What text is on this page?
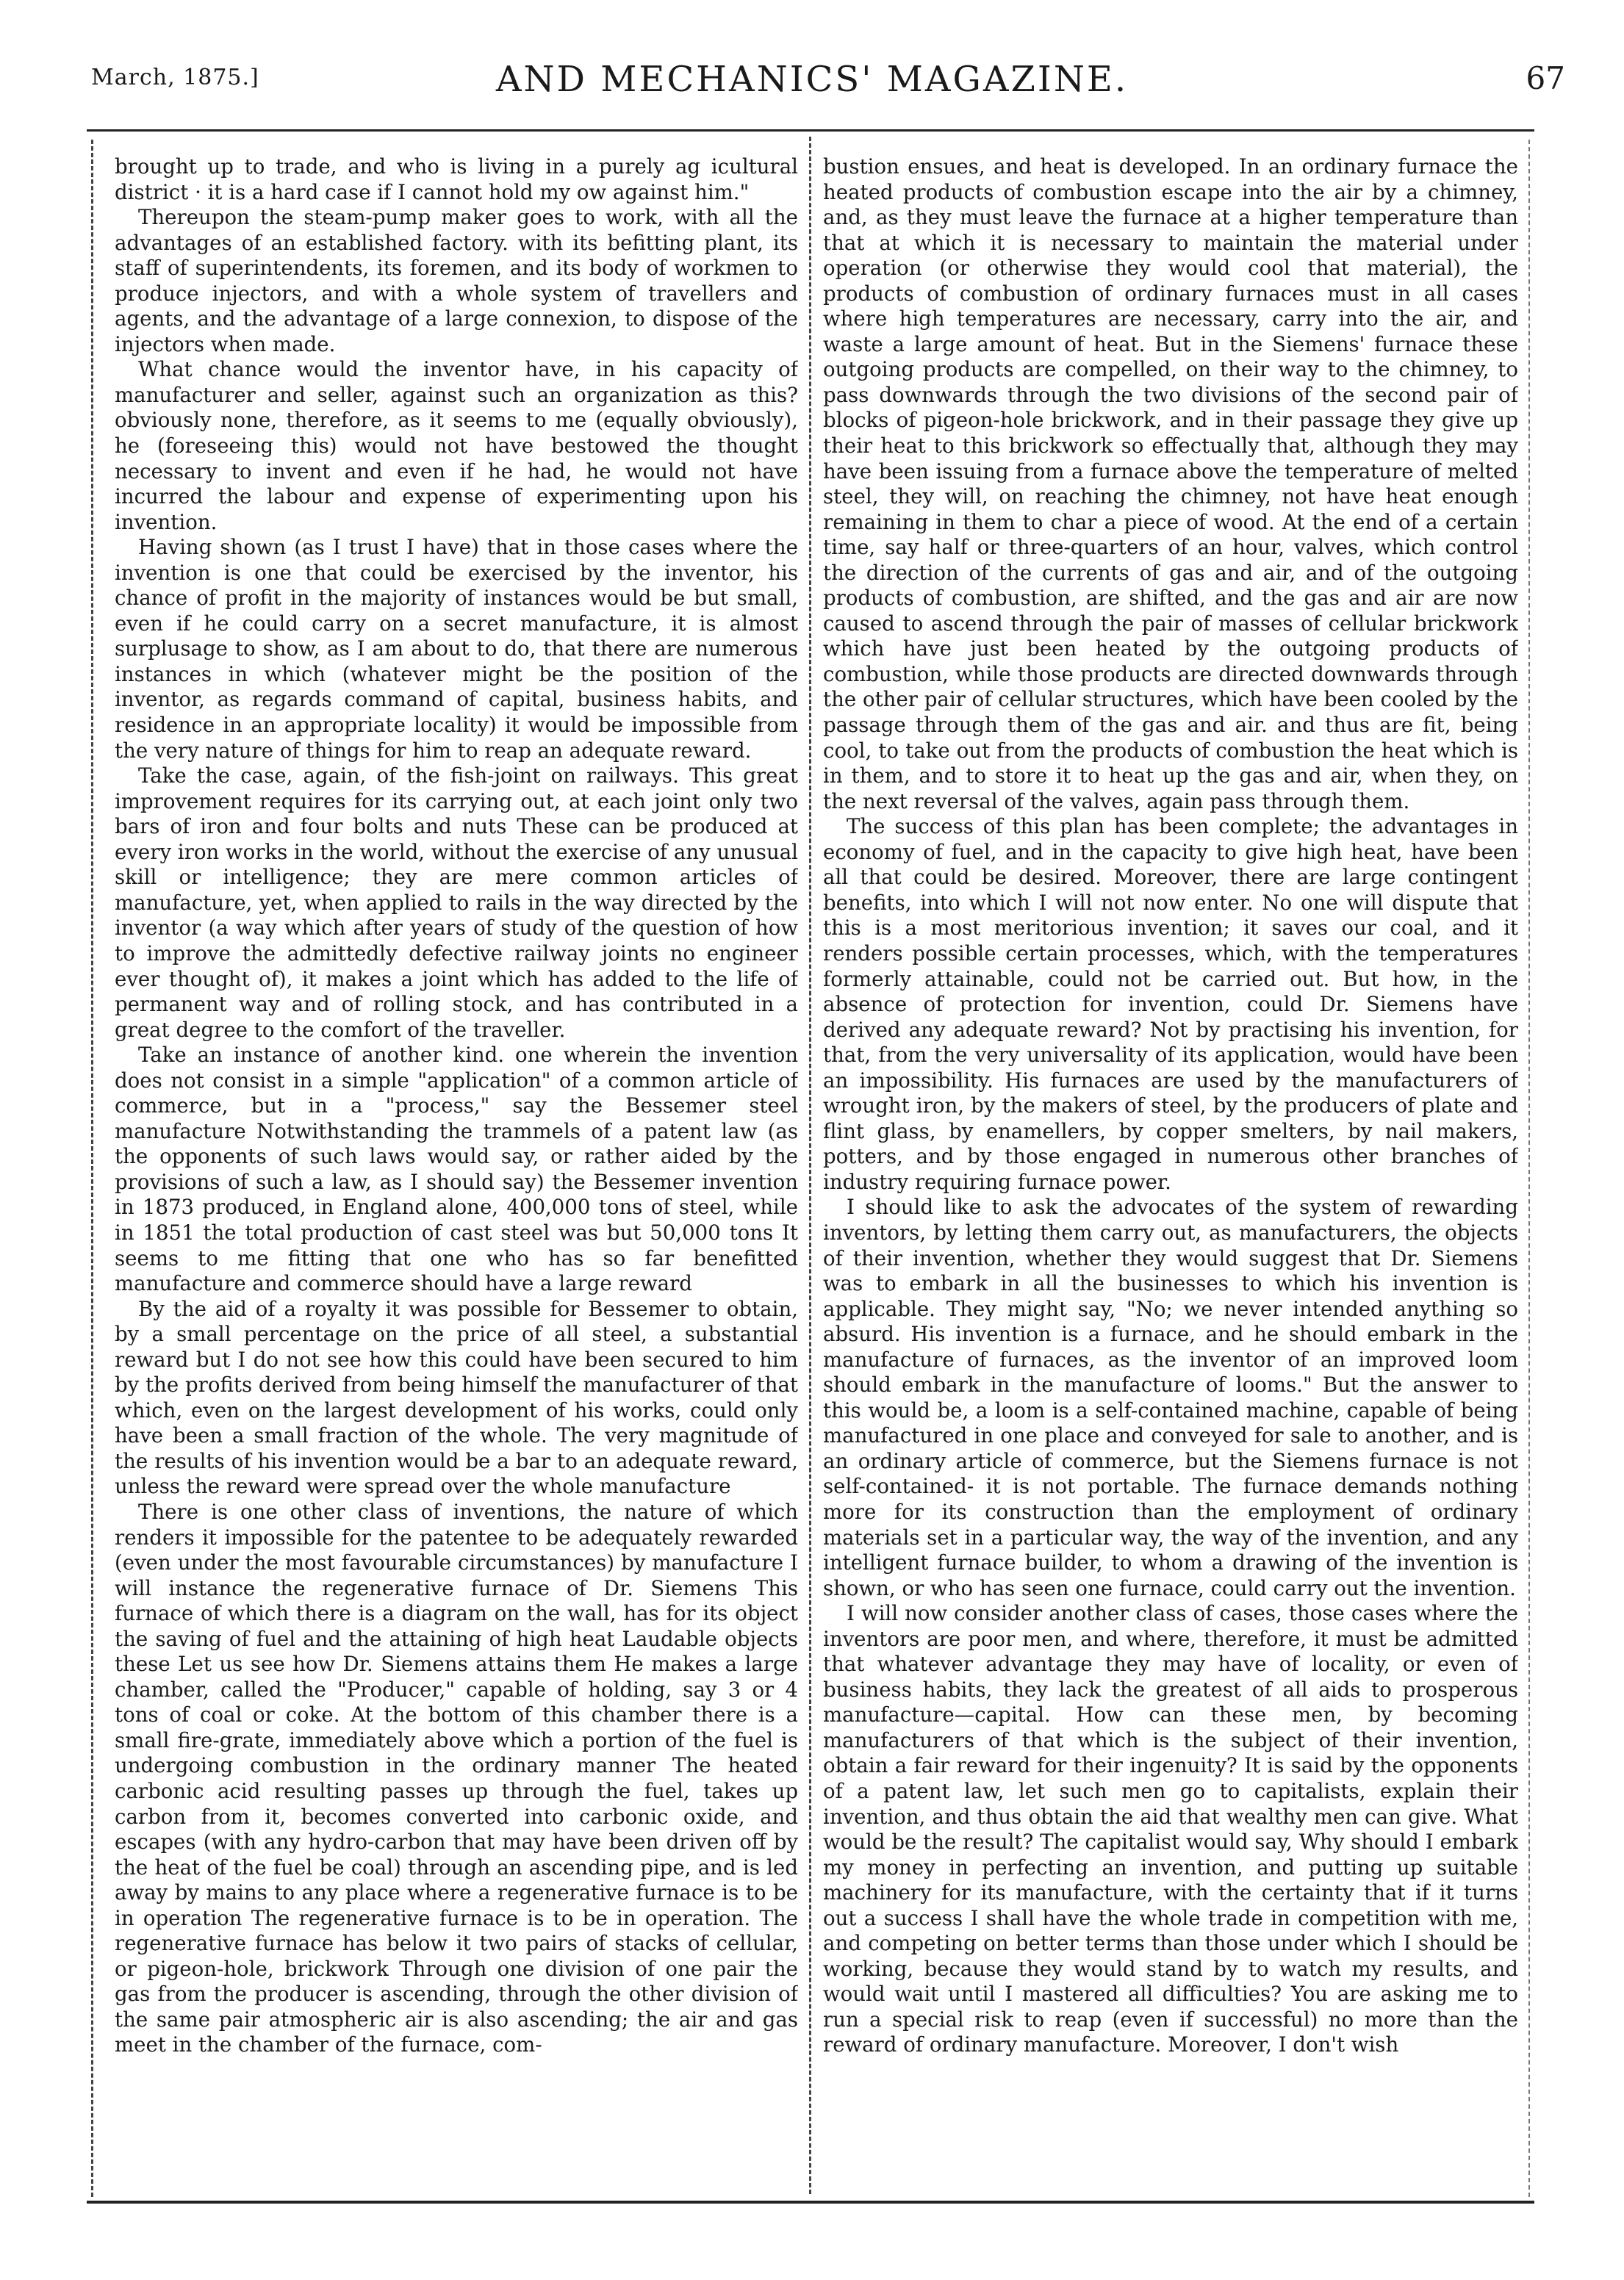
March, 1875.]	AND MECHANICS' MAGAZINE.	67

brought up to trade, and who is living in a purely ag icultural district · it is a hard case if I cannot hold my ow against him."

Thereupon the steam-pump maker goes to work, with all the advantages of an established factory. with its befitting plant, its staff of superintendents, its foremen, and its body of workmen to produce injectors, and with a whole system of travellers and agents, and the advantage of a large connexion, to dispose of the injectors when made.

What chance would the inventor have, in his capacity of manufacturer and seller, against such an organization as this? obviously none, therefore, as it seems to me (equally obviously), he (foreseeing this) would not have bestowed the thought necessary to invent and even if he had, he would not have incurred the labour and expense of experimenting upon his invention.

Having shown (as I trust I have) that in those cases where the invention is one that could be exercised by the inventor, his chance of profit in the majority of instances would be but small, even if he could carry on a secret manufacture, it is almost surplusage to show, as I am about to do, that there are numerous instances in which (whatever might be the position of the inventor, as regards command of capital, business habits, and residence in an appropriate locality) it would be impossible from the very nature of things for him to reap an adequate reward.

Take the case, again, of the fish-joint on railways. This great improvement requires for its carrying out, at each joint only two bars of iron and four bolts and nuts These can be produced at every iron works in the world, without the exercise of any unusual skill or intelligence; they are mere common articles of manufacture, yet, when applied to rails in the way directed by the inventor (a way which after years of study of the question of how to improve the admittedly defective railway joints no engineer ever thought of), it makes a joint which has added to the life of permanent way and of rolling stock, and has contributed in a great degree to the comfort of the traveller.

Take an instance of another kind. one wherein the invention does not consist in a simple "application" of a common article of commerce, but in a "process," say the Bessemer steel manufacture Notwithstanding the trammels of a patent law (as the opponents of such laws would say, or rather aided by the provisions of such a law, as I should say) the Bessemer invention in 1873 produced, in England alone, 400,000 tons of steel, while in 1851 the total production of cast steel was but 50,000 tons It seems to me fitting that one who has so far benefitted manufacture and commerce should have a large reward

By the aid of a royalty it was possible for Bessemer to obtain, by a small percentage on the price of all steel, a substantial reward but I do not see how this could have been secured to him by the profits derived from being himself the manufacturer of that which, even on the largest development of his works, could only have been a small fraction of the whole. The very magnitude of the results of his invention would be a bar to an adequate reward, unless the reward were spread over the whole manufacture

There is one other class of inventions, the nature of which renders it impossible for the patentee to be adequately rewarded (even under the most favourable circumstances) by manufacture I will instance the regenerative furnace of Dr. Siemens This furnace of which there is a diagram on the wall, has for its object the saving of fuel and the attaining of high heat Laudable objects these Let us see how Dr. Siemens attains them He makes a large chamber, called the "Producer," capable of holding, say 3 or 4 tons of coal or coke. At the bottom of this chamber there is a small fire-grate, immediately above which a portion of the fuel is undergoing combustion in the ordinary manner The heated carbonic acid resulting passes up through the fuel, takes up carbon from it, becomes converted into carbonic oxide, and escapes (with any hydro-carbon that may have been driven off by the heat of the fuel be coal) through an ascending pipe, and is led away by mains to any place where a regenerative furnace is to be in operation The regenerative furnace is to be in operation. The regenerative furnace has below it two pairs of stacks of cellular, or pigeon-hole, brickwork Through one division of one pair the gas from the producer is ascending, through the other division of the same pair atmospheric air is also ascending; the air and gas meet in the chamber of the furnace, com-

bustion ensues, and heat is developed. In an ordinary furnace the heated products of combustion escape into the air by a chimney, and, as they must leave the furnace at a higher temperature than that at which it is necessary to maintain the material under operation (or otherwise they would cool that material), the products of combustion of ordinary furnaces must in all cases where high temperatures are necessary, carry into the air, and waste a large amount of heat. But in the Siemens' furnace these outgoing products are compelled, on their way to the chimney, to pass downwards through the two divisions of the second pair of blocks of pigeon-hole brickwork, and in their passage they give up their heat to this brickwork so effectually that, although they may have been issuing from a furnace above the temperature of melted steel, they will, on reaching the chimney, not have heat enough remaining in them to char a piece of wood. At the end of a certain time, say half or three-quarters of an hour, valves, which control the direction of the currents of gas and air, and of the outgoing products of combustion, are shifted, and the gas and air are now caused to ascend through the pair of masses of cellular brickwork which have just been heated by the outgoing products of combustion, while those products are directed downwards through the other pair of cellular structures, which have been cooled by the passage through them of the gas and air. and thus are fit, being cool, to take out from the products of combustion the heat which is in them, and to store it to heat up the gas and air, when they, on the next reversal of the valves, again pass through them.

The success of this plan has been complete; the advantages in economy of fuel, and in the capacity to give high heat, have been all that could be desired. Moreover, there are large contingent benefits, into which I will not now enter. No one will dispute that this is a most meritorious invention; it saves our coal, and it renders possible certain processes, which, with the temperatures formerly attainable, could not be carried out. But how, in the absence of protection for invention, could Dr. Siemens have derived any adequate reward? Not by practising his invention, for that, from the very universality of its application, would have been an impossibility. His furnaces are used by the manufacturers of wrought iron, by the makers of steel, by the producers of plate and flint glass, by enamellers, by copper smelters, by nail makers, potters, and by those engaged in numerous other branches of industry requiring furnace power.

I should like to ask the advocates of the system of rewarding inventors, by letting them carry out, as manufacturers, the objects of their invention, whether they would suggest that Dr. Siemens was to embark in all the businesses to which his invention is applicable. They might say, "No; we never intended anything so absurd. His invention is a furnace, and he should embark in the manufacture of furnaces, as the inventor of an improved loom should embark in the manufacture of looms." But the answer to this would be, a loom is a self-contained machine, capable of being manufactured in one place and conveyed for sale to another, and is an ordinary article of commerce, but the Siemens furnace is not self-contained- it is not portable. The furnace demands nothing more for its construction than the employment of ordinary materials set in a particular way, the way of the invention, and any intelligent furnace builder, to whom a drawing of the invention is shown, or who has seen one furnace, could carry out the invention.

I will now consider another class of cases, those cases where the inventors are poor men, and where, therefore, it must be admitted that whatever advantage they may have of locality, or even of business habits, they lack the greatest of all aids to prosperous manufacture—capital. How can these men, by becoming manufacturers of that which is the subject of their invention, obtain a fair reward for their ingenuity? It is said by the opponents of a patent law, let such men go to capitalists, explain their invention, and thus obtain the aid that wealthy men can give. What would be the result? The capitalist would say, Why should I embark my money in perfecting an invention, and putting up suitable machinery for its manufacture, with the certainty that if it turns out a success I shall have the whole trade in competition with me, and competing on better terms than those under which I should be working, because they would stand by to watch my results, and would wait until I mastered all difficulties? You are asking me to run a special risk to reap (even if successful) no more than the reward of ordinary manufacture. Moreover, I don't wish
